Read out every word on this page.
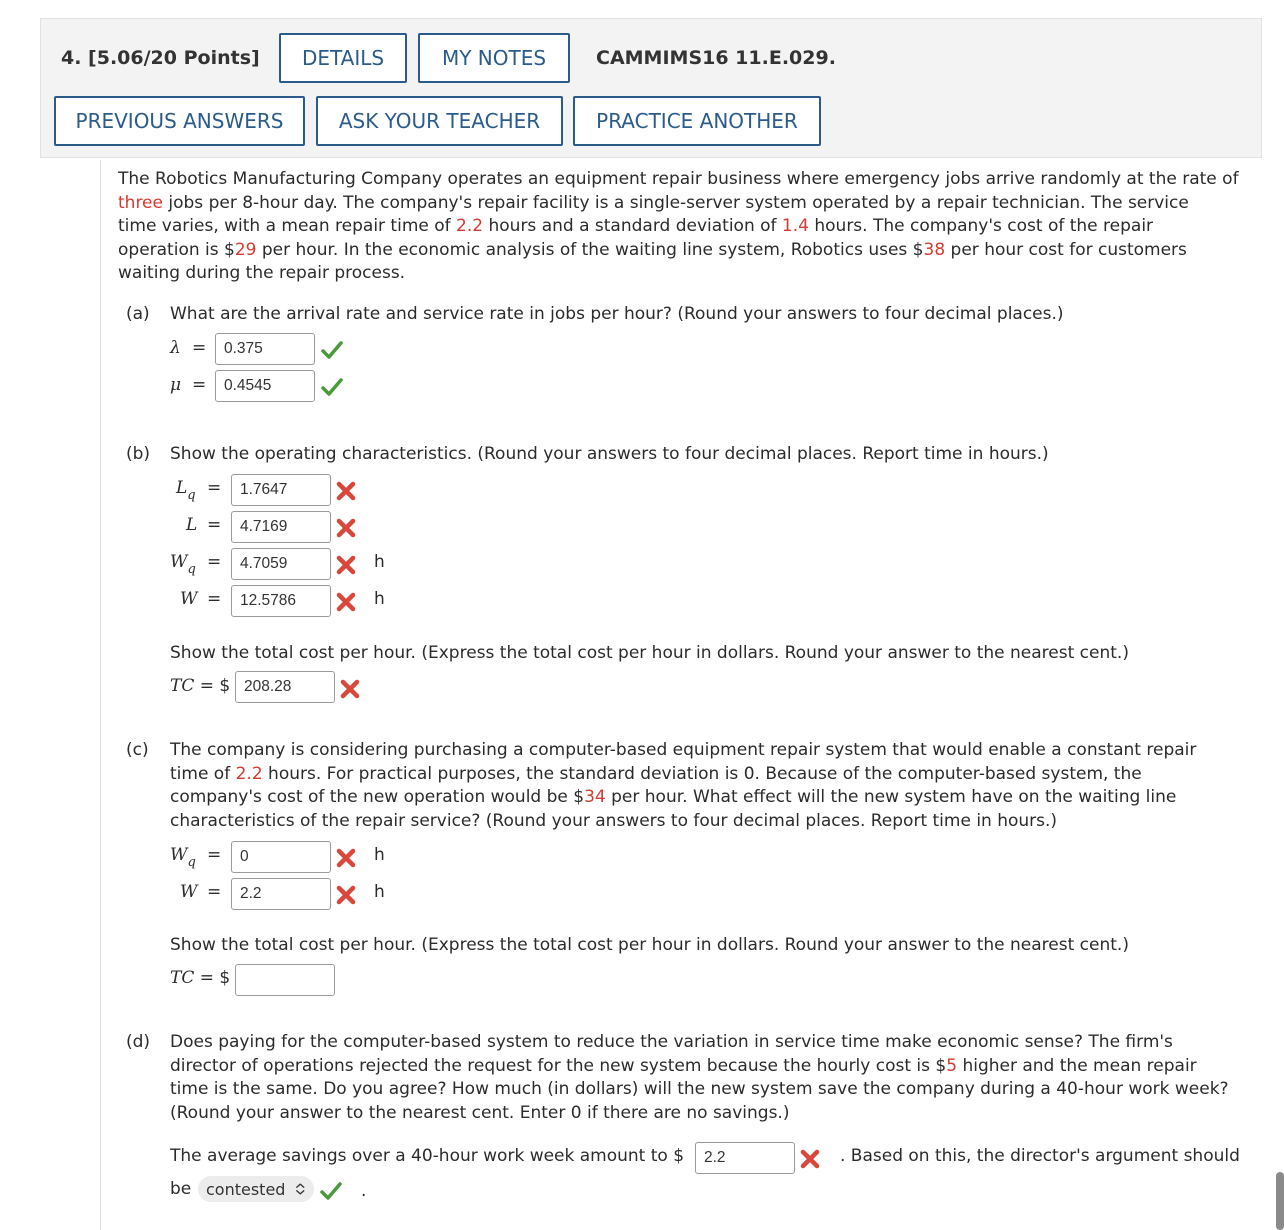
4. [5.06/20 Points]	DETAILS	MY NOTES	CAMMIMS16 11.E.029.
PREVIOUS ANSWERS	ASK YOUR TEACHER	PRACTICE ANOTHER
The Robotics Manufacturing Company operates an equipment repair business where emergency jobs arrive randomly at the rate of
three jobs per 8-hour day. The company's repair facility is a single-server system operated by a repair technician. The service
time varies, with a mean repair time of 2.2 hours and a standard deviation of 1.4 hours. The company's cost of the repair
operation is $29 per hour. In the economic analysis of the waiting line system, Robotics uses $38 per hour cost for customers
waiting during the repair process.
(a) What are the arrival rate and service rate in jobs per hour? (Round your answers to four decimal places.)
λ =	0.375
μ =	0.4545
(b) Show the operating characteristics. (Round your answers to four decimal places. Report time in hours.)
$L_q$ =	1.7647
L =	4.7169
$W_q$ =	4.7059	h
W =	12.5786	h
Show the total cost per hour. (Express the total cost per hour in dollars. Round your answer to the nearest cent.)
TC = $ 208.28
(c) The company is considering purchasing a computer-based equipment repair system that would enable a constant repair
time of 2.2 hours. For practical purposes, the standard deviation is 0. Because of the computer-based system, the
company's cost of the new operation would be $34 per hour. What effect will the new system have on the waiting line
characteristics of the repair service? (Round your answers to four decimal places. Report time in hours.)
$W_q$ =	0	h
W =	2.2	h
Show the total cost per hour. (Express the total cost per hour in dollars. Round your answer to the nearest cent.)
TC = $
(d) Does paying for the computer-based system to reduce the variation in service time make economic sense? The firm's
director of operations rejected the request for the new system because the hourly cost is $5 higher and the mean repair
time is the same. Do you agree? How much (in dollars) will the new system save the company during a 40-hour work week?
(Round your answer to the nearest cent. Enter 0 if there are no savings.)
The average savings over a 40-hour work week amount to $	2.2	. Based on this, the director's argument should
be contested	.
